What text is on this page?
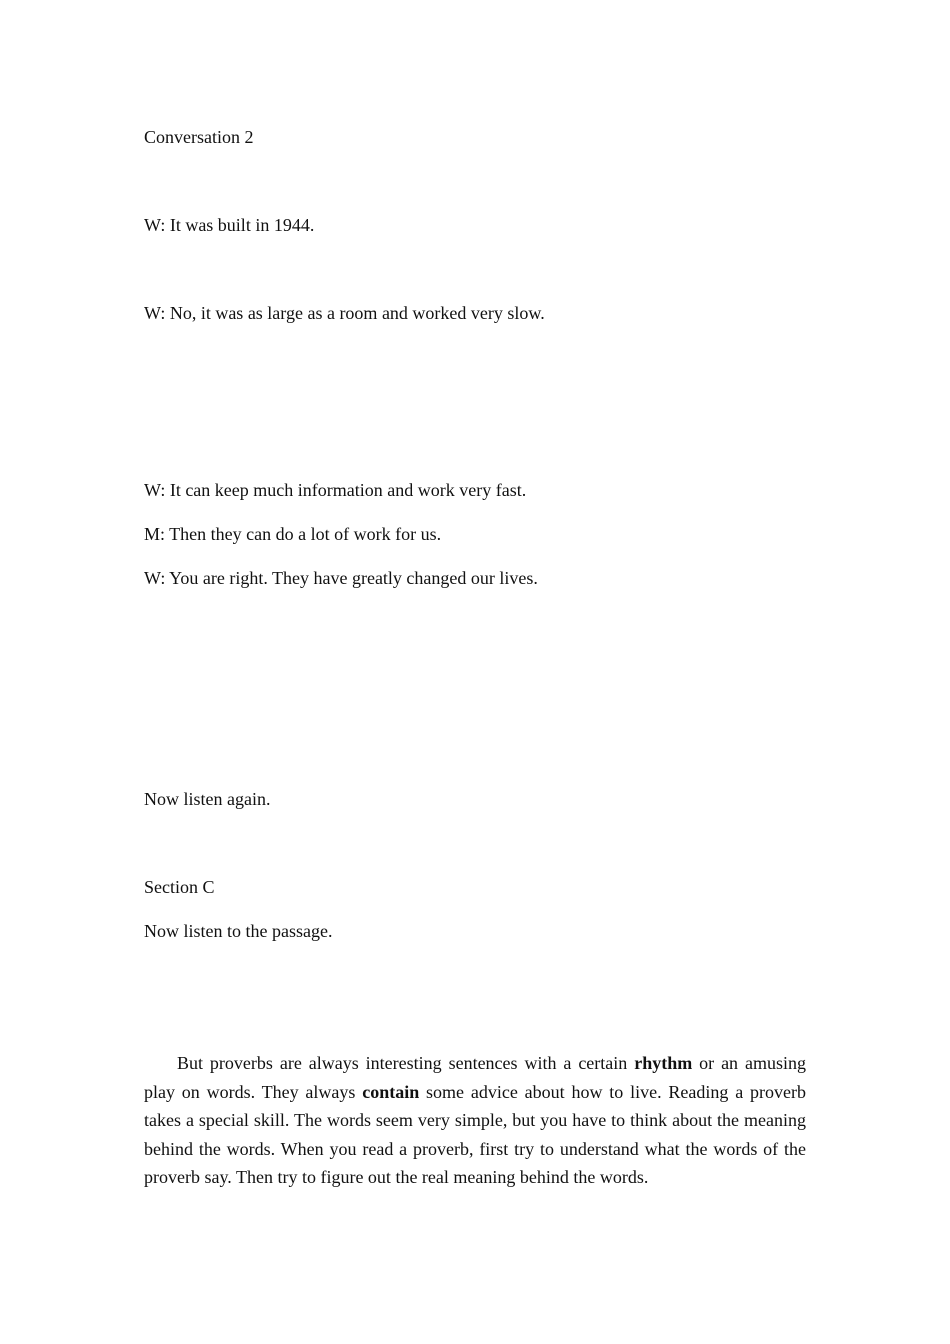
Conversation 2

W: It was built in 1944.

W: No, it was as large as a room and worked very slow.

W: It can keep much information and work very fast.

M: Then they can do a lot of work for us.

W: You are right. They have greatly changed our lives.

Now listen again.

Section C

Now listen to the passage.

But proverbs are always interesting sentences with a certain rhythm or an amusing play on words. They always contain some advice about how to live. Reading a proverb takes a special skill. The words seem very simple, but you have to think about the meaning behind the words. When you read a proverb, first try to understand what the words of the proverb say. Then try to figure out the real meaning behind the words.
